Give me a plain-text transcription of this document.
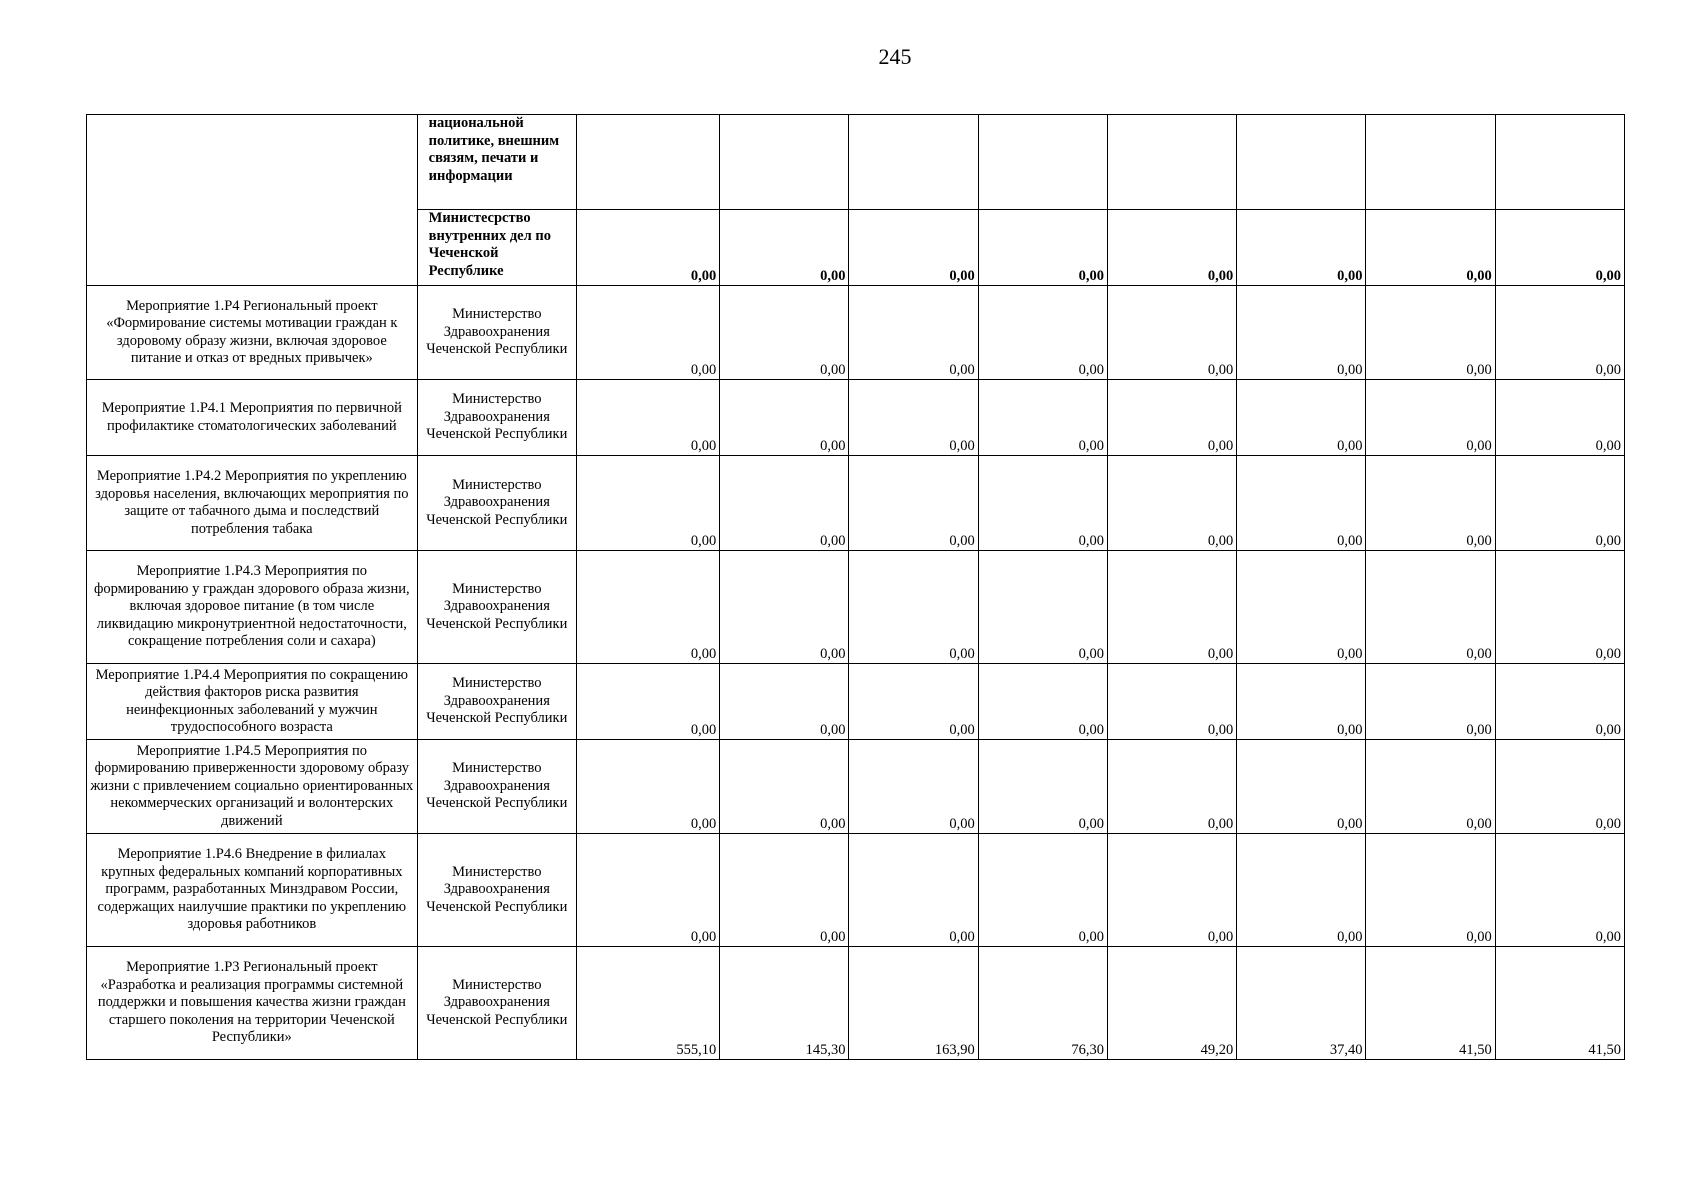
245
	национальной политике, внешним связям, печати и информации								
	Министесрство внутренних дел по Чеченской Республике	0,00	0,00	0,00	0,00	0,00	0,00	0,00	0,00
Мероприятие 1.Р4 Региональный проект «Формирование системы мотивации граждан к здоровому образу жизни, включая здоровое питание и отказ от вредных привычек»	Министерство Здравоохранения Чеченской Республики	0,00	0,00	0,00	0,00	0,00	0,00	0,00	0,00
Мероприятие 1.Р4.1 Мероприятия по первичной профилактике стоматологических заболеваний	Министерство Здравоохранения Чеченской Республики	0,00	0,00	0,00	0,00	0,00	0,00	0,00	0,00
Мероприятие 1.Р4.2 Мероприятия по укреплению здоровья населения, включающих мероприятия по защите от табачного дыма и последствий потребления табака	Министерство Здравоохранения Чеченской Республики	0,00	0,00	0,00	0,00	0,00	0,00	0,00	0,00
Мероприятие 1.Р4.3 Мероприятия по формированию у граждан здорового образа жизни, включая здоровое питание (в том числе ликвидацию микронутриентной недостаточности, сокращение потребления соли и сахара)	Министерство Здравоохранения Чеченской Республики	0,00	0,00	0,00	0,00	0,00	0,00	0,00	0,00
Мероприятие 1.Р4.4 Мероприятия по сокращению действия факторов риска развития неинфекционных заболеваний у мужчин трудоспособного возраста	Министерство Здравоохранения Чеченской Республики	0,00	0,00	0,00	0,00	0,00	0,00	0,00	0,00
Мероприятие 1.Р4.5 Мероприятия по формированию приверженности здоровому образу жизни с привлечением социально ориентированных некоммерческих организаций и волонтерских движений	Министерство Здравоохранения Чеченской Республики	0,00	0,00	0,00	0,00	0,00	0,00	0,00	0,00
Мероприятие 1.Р4.6 Внедрение в филиалах крупных федеральных компаний корпоративных программ, разработанных Минздравом России, содержащих наилучшие практики по укреплению здоровья работников	Министерство Здравоохранения Чеченской Республики	0,00	0,00	0,00	0,00	0,00	0,00	0,00	0,00
Мероприятие 1.Р3 Региональный проект «Разработка и реализация программы системной поддержки и повышения качества жизни граждан старшего поколения на территории Чеченской Республики»	Министерство Здравоохранения Чеченской Республики	555,10	145,30	163,90	76,30	49,20	37,40	41,50	41,50
